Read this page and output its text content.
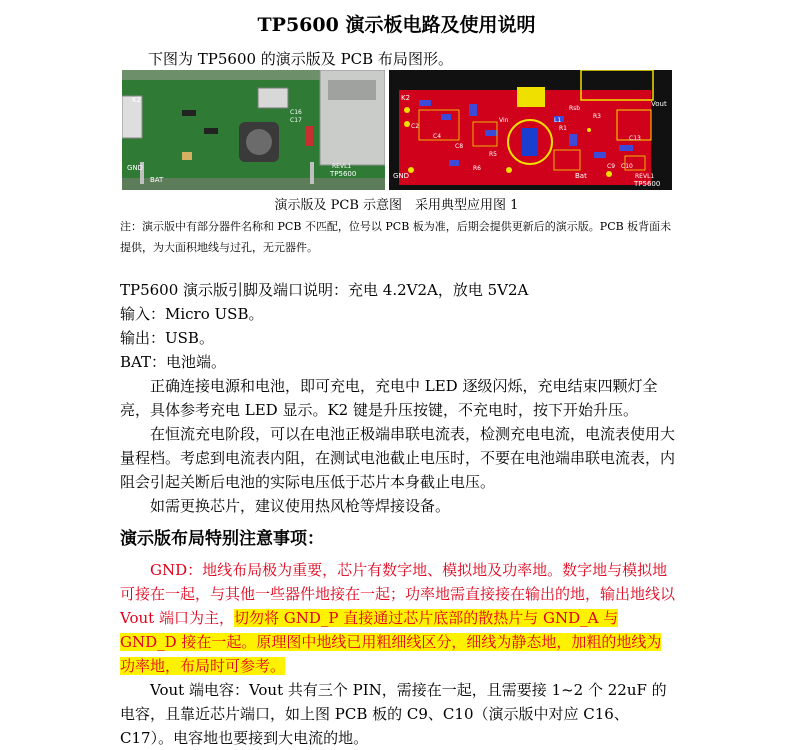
TP5600 演示板电路及使用说明
下图为 TP5600 的演示版及 PCB 布局图形。
K2
GND
BAT
REVL1
TP5600
C16
C17
K2
GND
Vout
Bat
C2
C4
C8
C9 C10
C13
R1
R3
R5
R6
Vin
Rsb
L1
TP5600
REVL1
演示版及 PCB 示意图　采用典型应用图 1
注：演示版中有部分器件名称和 PCB 不匹配，位号以 PCB 板为准，后期会提供更新后的演示版。PCB 板背面未提供，为大面积地线与过孔，无元器件。

TP5600 演示版引脚及端口说明：充电 4.2V2A，放电 5V2A

输入：Micro USB。

输出：USB。

BAT：电池端。

正确连接电源和电池，即可充电，充电中 LED 逐级闪烁，充电结束四颗灯全亮，具体参考充电 LED 显示。K2 键是升压按键，不充电时，按下开始升压。

在恒流充电阶段，可以在电池正极端串联电流表，检测充电电流，电流表使用大量程档。考虑到电流表内阻，在测试电池截止电压时，不要在电池端串联电流表，内阻会引起关断后电池的实际电压低于芯片本身截止电压。

如需更换芯片，建议使用热风枪等焊接设备。

演示版布局特别注意事项：

GND：地线布局极为重要，芯片有数字地、模拟地及功率地。数字地与模拟地可接在一起，与其他一些器件地接在一起；功率地需直接接在输出的地，输出地线以 Vout 端口为主，切勿将 GND_P 直接通过芯片底部的散热片与 GND_A 与 GND_D 接在一起。原理图中地线已用粗细线区分，细线为静态地，加粗的地线为功率地，布局时可参考。

Vout 端电容：Vout 共有三个 PIN，需接在一起，且需要接 1~2 个 22uF 的电容，且靠近芯片端口，如上图 PCB 板的 C9、C10（演示版中对应 C16、C17）。电容地也要接到大电流的地。
